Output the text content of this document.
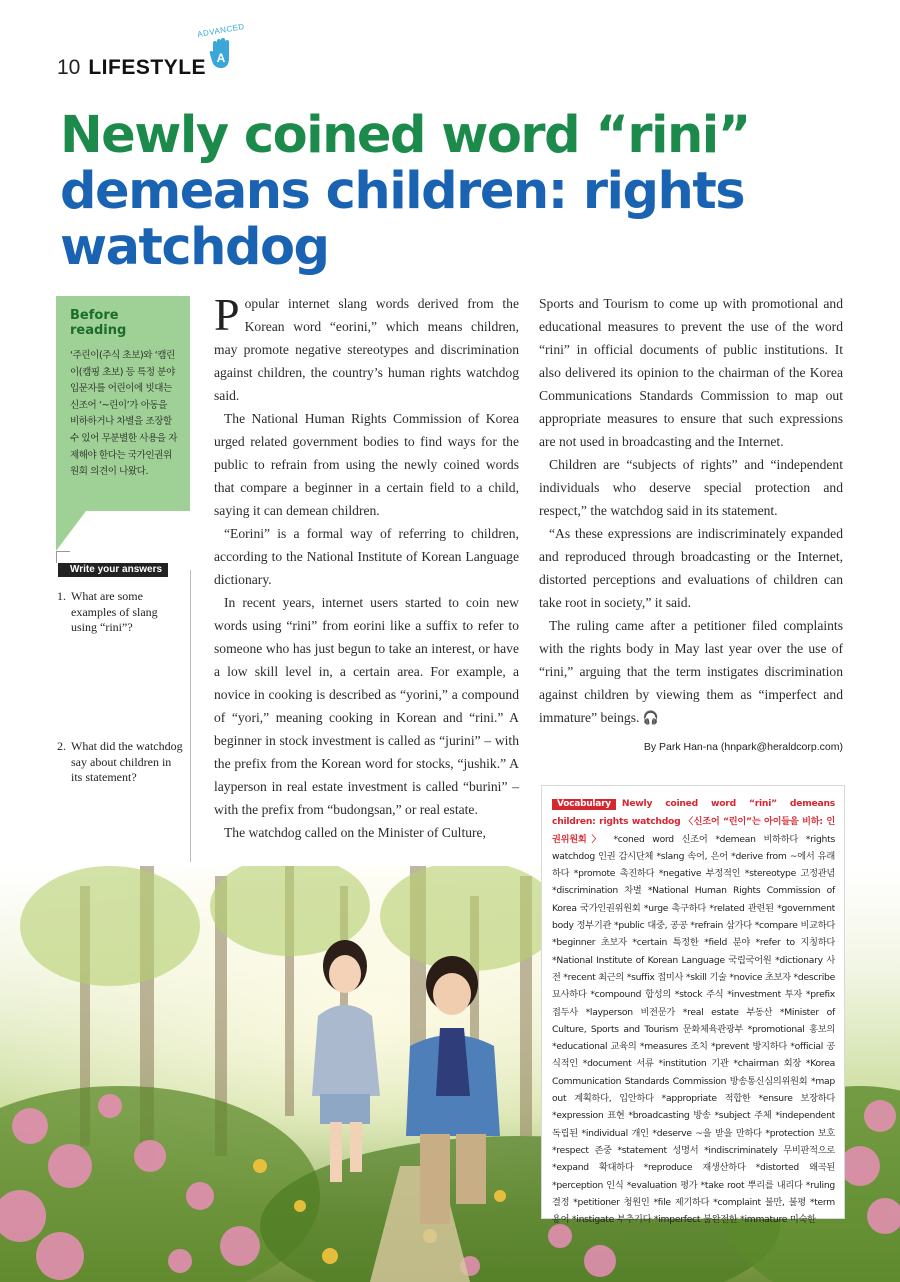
10 LIFESTYLE
ADVANCED
A
Newly coined word “rini”
demeans children: rights watchdog
Before reading
‘주린이(주식 초보)와 ‘캠린이(캠핑 초보) 등 특정 분야 입문자를 어린이에 빗대는 신조어 ‘~린이’가 아동을 비하하거나 차별을 조장할 수 있어 무분별한 사용을 자제해야 한다는 국가인권위원회 의견이 나왔다.
Write your answers
1. What are some examples of slang using “rini”?
2. What did the watchdog say about children in its statement?

Popular internet slang words derived from the Korean word “eorini,” which means children, may promote negative stereotypes and discrimination against children, the country’s human rights watchdog said.

The National Human Rights Commission of Korea urged related government bodies to find ways for the public to refrain from using the newly coined words that compare a beginner in a certain field to a child, saying it can demean children.

“Eorini” is a formal way of referring to children, according to the National Institute of Korean Language dictionary.

In recent years, internet users started to coin new words using “rini” from eorini like a suffix to refer to someone who has just begun to take an interest, or have a low skill level in, a certain area. For example, a novice in cooking is described as “yorini,” a compound of “yori,” meaning cooking in Korean and “rini.” A beginner in stock investment is called as “jurini” – with the prefix from the Korean word for stocks, “jushik.” A layperson in real estate investment is called “burini” – with the prefix from “budongsan,” or real estate.

The watchdog called on the Minister of Culture,

Sports and Tourism to come up with promotional and educational measures to prevent the use of the word “rini” in official documents of public institutions. It also delivered its opinion to the chairman of the Korea Communications Standards Commission to map out appropriate measures to ensure that such expressions are not used in broadcasting and the Internet.

Children are “subjects of rights” and “independent individuals who deserve special protection and respect,” the watchdog said in its statement.

“As these expressions are indiscriminately expanded and reproduced through broadcasting or the Internet, distorted perceptions and evaluations of children can take root in society,” it said.

The ruling came after a petitioner filed complaints with the rights body in May last year over the use of “rini,” arguing that the term instigates discrimination against children by viewing them as “imperfect and immature” beings. 🎧

By Park Han-na (hnpark@heraldcorp.com)
Vocabulary Newly coined word “rini” demeans children: rights watchdog 〈신조어 “린이”는 아이들을 비하: 인권위원회〉 *coned word 신조어 *demean 비하하다 *rights watchdog 인권 감시단체 *slang 속어, 은어 *derive from ~에서 유래하다 *promote 촉진하다 *negative 부정적인 *stereotype 고정관념 *discrimination 차별 *National Human Rights Commission of Korea 국가인권위원회 *urge 촉구하다 *related 관련된 *government body 정부기관 *public 대중, 공공 *refrain 삼가다 *compare 비교하다 *beginner 초보자 *certain 특정한 *field 분야 *refer to 지칭하다 *National Institute of Korean Language 국립국어원 *dictionary 사전 *recent 최근의 *suffix 접미사 *skill 기술 *novice 초보자 *describe 묘사하다 *compound 합성의 *stock 주식 *investment 투자 *prefix 접두사 *layperson 비전문가 *real estate 부동산 *Minister of Culture, Sports and Tourism 문화체육관광부 *promotional 홍보의 *educational 교육의 *measures 조치 *prevent 방지하다 *official 공식적인 *document 서류 *institution 기관 *chairman 회장 *Korea Communication Standards Commission 방송통신심의위원회 *map out 계획하다, 입안하다 *appropriate 적합한 *ensure 보장하다 *expression 표현 *broadcasting 방송 *subject 주체 *independent 독립된 *individual 개인 *deserve ~을 받을 만하다 *protection 보호 *respect 존중 *statement 성명서 *indiscriminately 무비판적으로 *expand 확대하다 *reproduce 재생산하다 *distorted 왜곡된 *perception 인식 *evaluation 평가 *take root 뿌리를 내리다 *ruling 결정 *petitioner 청원인 *file 제기하다 *complaint 불만, 불평 *term 용어 *instigate 부추기다 *imperfect 불완전한 *immature 미숙한
